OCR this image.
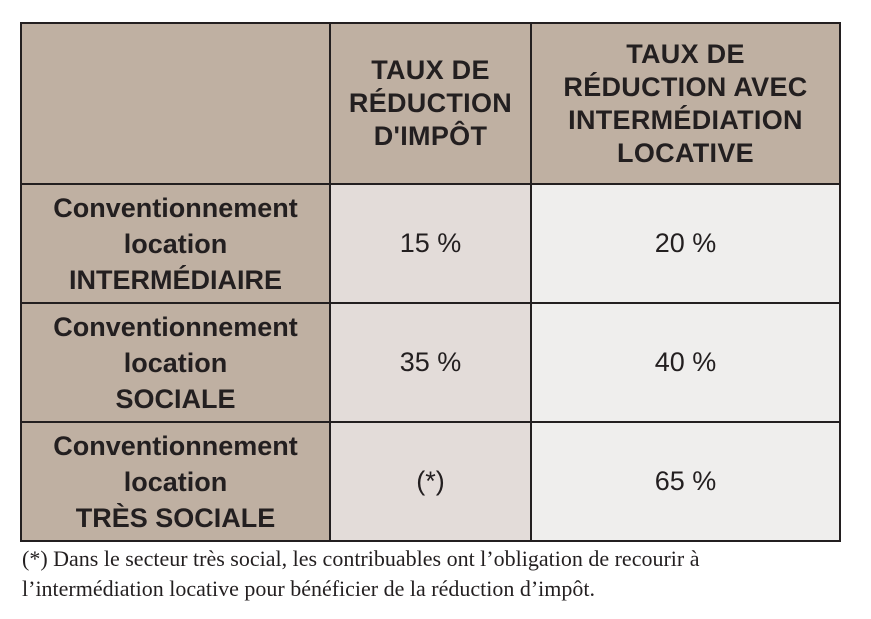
	TAUX DE
RÉDUCTION
D'IMPÔT	TAUX DE
RÉDUCTION AVEC
INTERMÉDIATION
LOCATIVE

Conventionnement
location
INTERMÉDIAIRE	15 %	20 %

Conventionnement
location
SOCIALE	35 %	40 %

Conventionnement
location
TRÈS SOCIALE	(*)	65 %
(*) Dans le secteur très social, les contribuables ont l’obligation de recourir à
l’intermédiation locative pour bénéficier de la réduction d’impôt.
